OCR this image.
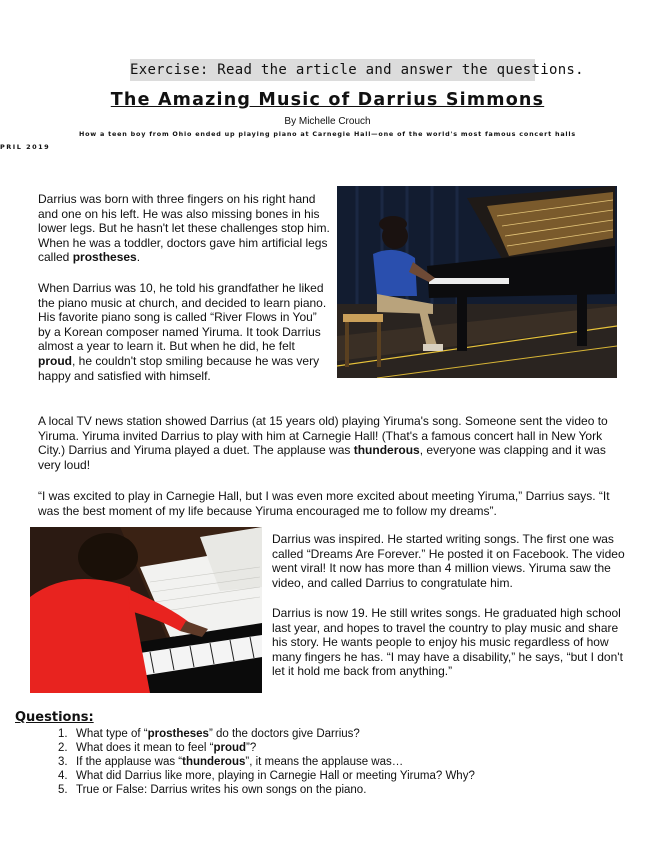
Exercise: Read the article and answer the questions.
The Amazing Music of Darrius Simmons
By Michelle Crouch
How a teen boy from Ohio ended up playing piano at Carnegie Hall—one of the world's most famous concert halls
PRIL 2019

Darrius was born with three fingers on his right hand and one on his left. He was also missing bones in his lower legs. But he hasn't let these challenges stop him. When he was a toddler, doctors gave him artificial legs called prostheses.

When Darrius was 10, he told his grandfather he liked the piano music at church, and decided to learn piano. His favorite piano song is called “River Flows in You” by a Korean composer named Yiruma. It took Darrius almost a year to learn it. But when he did, he felt proud, he couldn't stop smiling because he was very happy and satisfied with himself.

A local TV news station showed Darrius (at 15 years old) playing Yiruma's song. Someone sent the video to Yiruma. Yiruma invited Darrius to play with him at Carnegie Hall! (That's a famous concert hall in New York City.) Darrius and Yiruma played a duet. The applause was thunderous, everyone was clapping and it was very loud!

“I was excited to play in Carnegie Hall, but I was even more excited about meeting Yiruma,” Darrius says. “It was the best moment of my life because Yiruma encouraged me to follow my dreams”.

Darrius was inspired. He started writing songs. The first one was called “Dreams Are Forever.” He posted it on Facebook. The video went viral! It now has more than 4 million views. Yiruma saw the video, and called Darrius to congratulate him.

Darrius is now 19. He still writes songs. He graduated high school last year, and hopes to travel the country to play music and share his story. He wants people to enjoy his music regardless of how many fingers he has. “I may have a disability,” he says, “but I don't let it hold me back from anything.”

Questions:
1. What type of “prostheses” do the doctors give Darrius?
2. What does it mean to feel “proud”?
3. If the applause was “thunderous”, it means the applause was…
4. What did Darrius like more, playing in Carnegie Hall or meeting Yiruma? Why?
5. True or False: Darrius writes his own songs on the piano.
